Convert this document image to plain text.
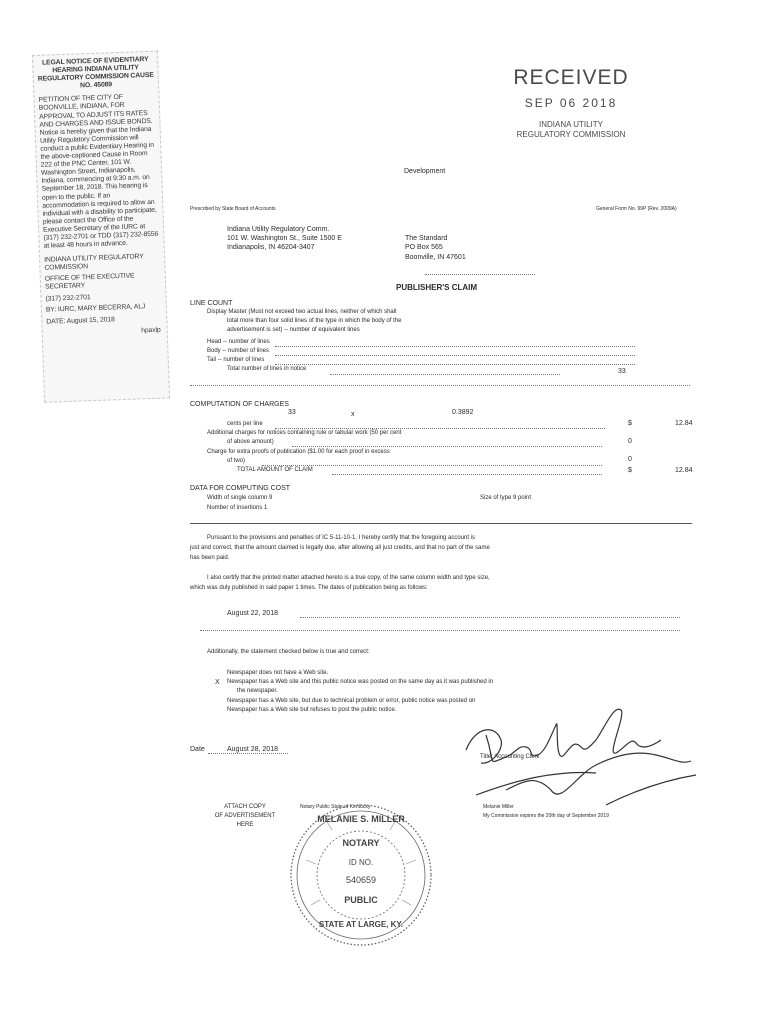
LEGAL NOTICE OF EVIDENTIARY HEARING INDIANA UTILITY REGULATORY COMMISSION CAUSE NO. 45089
PETITION OF THE CITY OF BOONVILLE, INDIANA, FOR APPROVAL TO ADJUST ITS RATES AND CHARGES AND ISSUE BONDS. Notice is hereby given that the Indiana Utility Regulatory Commission will conduct a public Evidentiary Hearing in the above-captioned Cause in Room 222 of the PNC Center, 101 W. Washington Street, Indianapolis, Indiana, commencing at 9:30 a.m. on September 18, 2018. This hearing is open to the public. If an accommodation is required to allow an individual with a disability to participate, please contact the Office of the Executive Secretary of the IURC at (317) 232-2701 or TDD (317) 232-8556 at least 48 hours in advance.
INDIANA UTILITY REGULATORY COMMISSION
OFFICE OF THE EXECUTIVE SECRETARY
(317) 232-2701
BY: IURC, MARY BECERRA, ALJ
DATE: August 15, 2018
hpaxlp
RECEIVED
SEP 06 2018
INDIANA UTILITY
REGULATORY COMMISSION
Development
Prescribed by State Board of Accounts	General Form No. 99P (Rev. 2009A)
Indiana Utility Regulatory Comm.
101 W. Washington St., Suite 1500 E
Indianapolis, IN 46204-3407
The Standard
PO Box 565
Boonville, IN 47601
PUBLISHER'S CLAIM
LINE COUNT
Display Master (Must not exceed two actual lines, neither of which shall
total more than four solid lines of the type in which the body of the
advertisement is set) -- number of equivalent lines
Head -- number of lines
Body -- number of lines
Tail -- number of lines
Total number of lines in notice	33
COMPUTATION OF CHARGES
33	x	0.3892
cents per line	$	12.84
Additional charges for notices containing rule or tabular work (50 per cent
of above amount)	0
Charge for extra proofs of publication ($1.00 for each proof in excess
of two)	0
TOTAL AMOUNT OF CLAIM	$	12.84
DATA FOR COMPUTING COST
Width of single column 9	Size of type 9 point
Number of insertions 1
Pursuant to the provisions and penalties of IC 5-11-10-1, I hereby certify that the foregoing account is
just and correct, that the amount claimed is legally due, after allowing all just credits, and that no part of the same
has been paid.
I also certify that the printed matter attached hereto is a true copy, of the same column width and type size,
which was duly published in said paper 1 times. The dates of publication being as follows:
August 22, 2018
Additionally, the statement checked below is true and correct:
Newspaper does not have a Web site.
X Newspaper has a Web site and this public notice was posted on the same day as it was published in
the newspaper.
Newspaper has a Web site, but due to technical problem or error, public notice was posted on
Newspaper has a Web site but refuses to post the public notice.
Date	August 28, 2018
Title: Accounting Clerk
ATTACH COPY
OF ADVERTISEMENT
HERE
Notary Public State of Kentucky	Melanie Miller
My Commission expires the 20th day of September 2019
MELANIE S. MILLER
NOTARY
ID NO.
540659
PUBLIC
STATE AT LARGE, KY.
